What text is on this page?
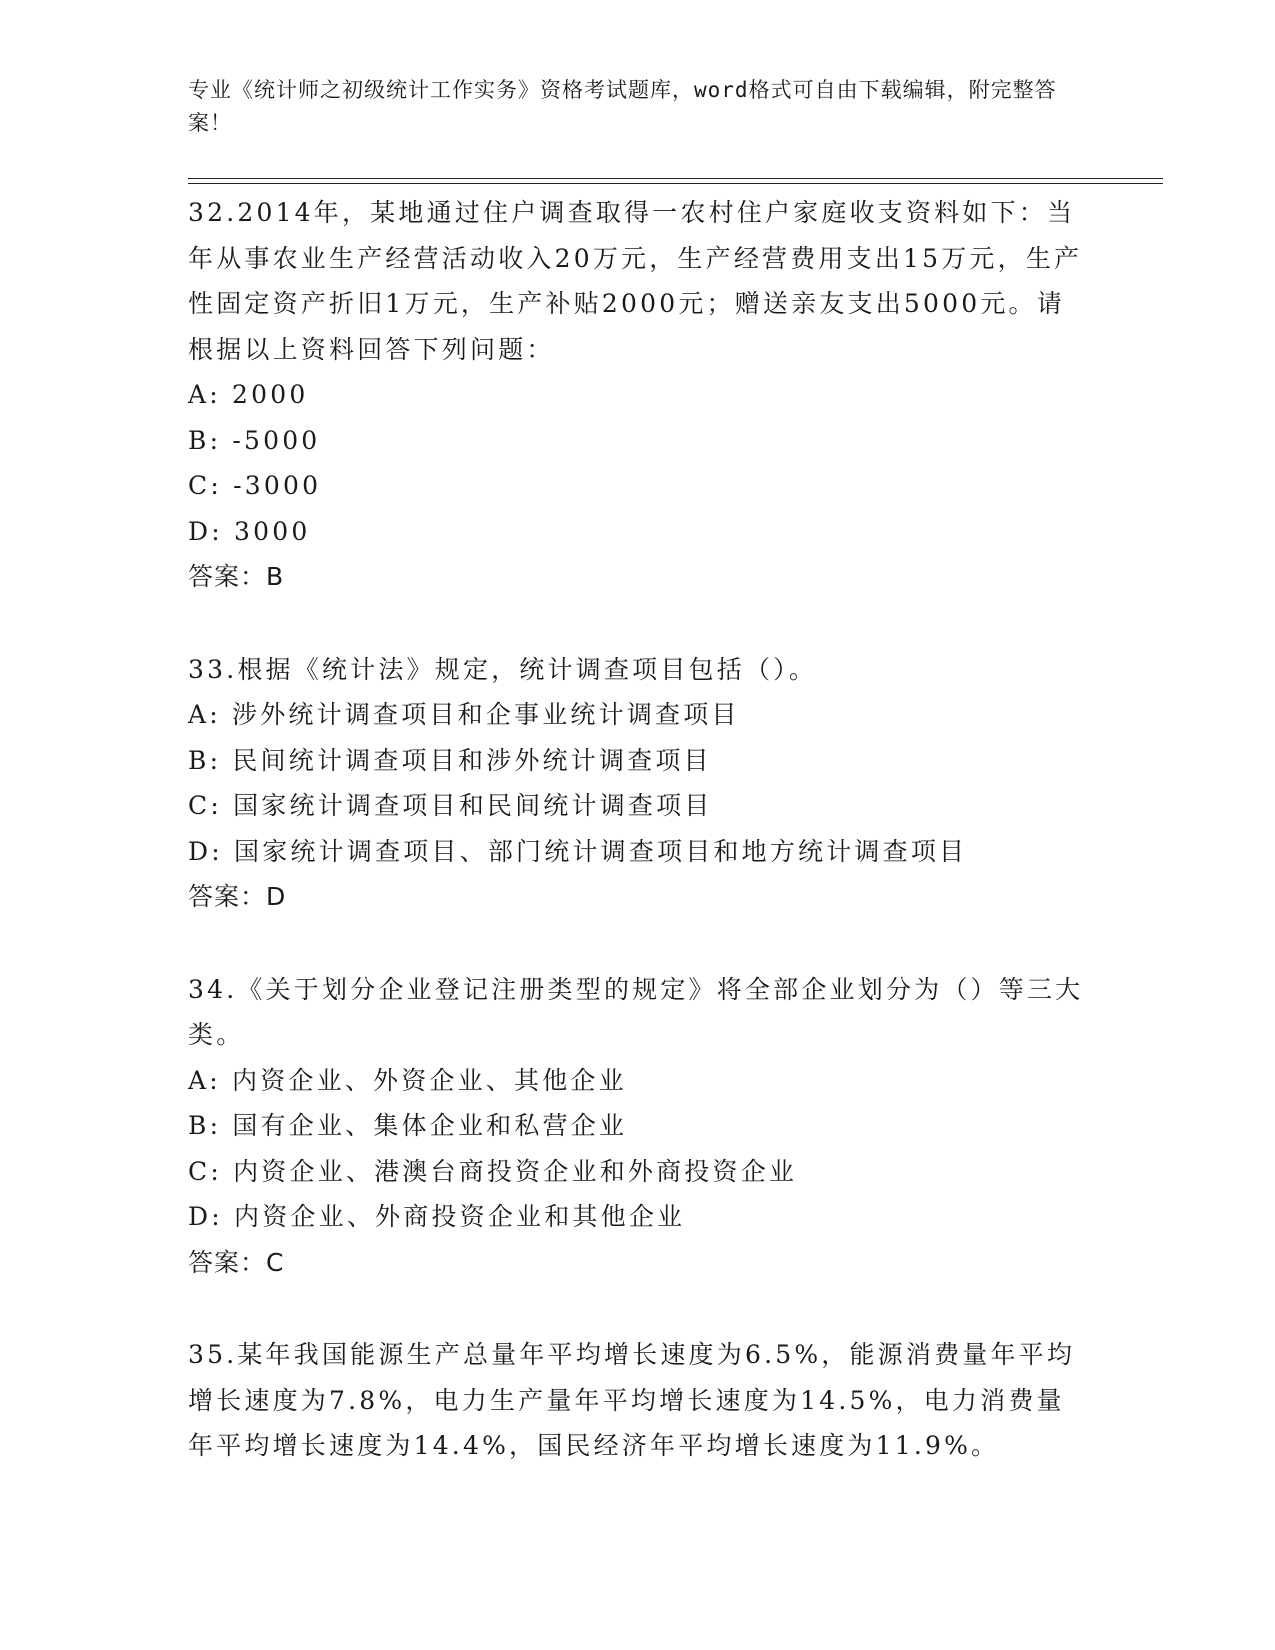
专业《统计师之初级统计工作实务》资格考试题库，word格式可自由下载编辑，附完整答案！

32.2014年，某地通过住户调查取得一农村住户家庭收支资料如下：当年从事农业生产经营活动收入20万元，生产经营费用支出15万元，生产性固定资产折旧1万元，生产补贴2000元；赠送亲友支出5000元。请根据以上资料回答下列问题：

A: 2000

B: -5000

C: -3000

D: 3000

答案：B

33.根据《统计法》规定，统计调查项目包括（）。

A: 涉外统计调查项目和企事业统计调查项目

B: 民间统计调查项目和涉外统计调查项目

C: 国家统计调查项目和民间统计调查项目

D: 国家统计调查项目、部门统计调查项目和地方统计调查项目

答案：D

34.《关于划分企业登记注册类型的规定》将全部企业划分为（）等三大类。

A: 内资企业、外资企业、其他企业

B: 国有企业、集体企业和私营企业

C: 内资企业、港澳台商投资企业和外商投资企业

D: 内资企业、外商投资企业和其他企业

答案：C

35.某年我国能源生产总量年平均增长速度为6.5%，能源消费量年平均增长速度为7.8%，电力生产量年平均增长速度为14.5%，电力消费量年平均增长速度为14.4%，国民经济年平均增长速度为11.9%。
